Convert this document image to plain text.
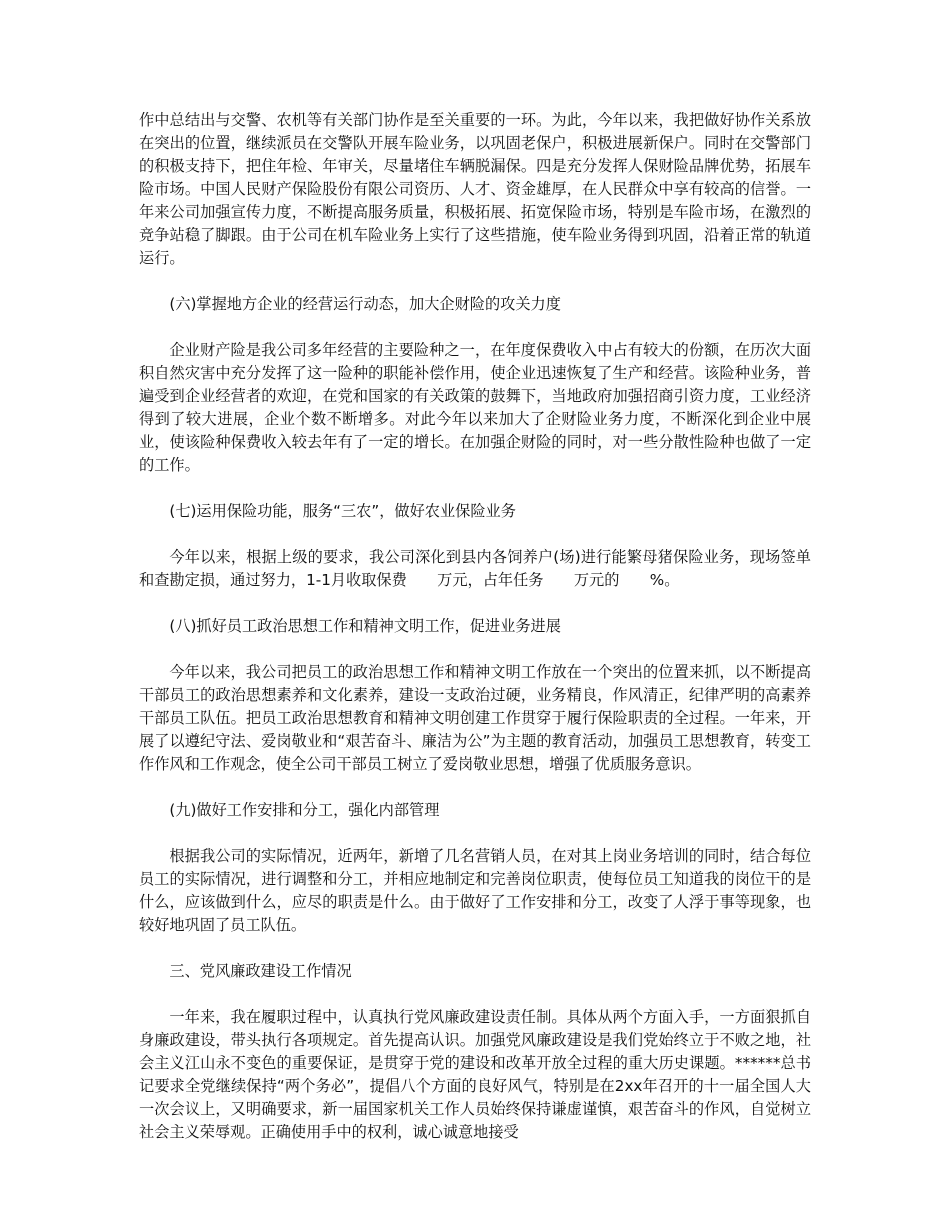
作中总结出与交警、农机等有关部门协作是至关重要的一环。为此，今年以来，我把做好协作关系放在突出的位置，继续派员在交警队开展车险业务，以巩固老保户，积极进展新保户。同时在交警部门的积极支持下，把住年检、年审关，尽量堵住车辆脱漏保。四是充分发挥人保财险品牌优势，拓展车险市场。中国人民财产保险股份有限公司资历、人才、资金雄厚，在人民群众中享有较高的信誉。一年来公司加强宣传力度，不断提高服务质量，积极拓展、拓宽保险市场，特别是车险市场，在激烈的竞争站稳了脚跟。由于公司在机车险业务上实行了这些措施，使车险业务得到巩固，沿着正常的轨道运行。

(六)掌握地方企业的经营运行动态，加大企财险的攻关力度

企业财产险是我公司多年经营的主要险种之一，在年度保费收入中占有较大的份额，在历次大面积自然灾害中充分发挥了这一险种的职能补偿作用，使企业迅速恢复了生产和经营。该险种业务，普遍受到企业经营者的欢迎，在党和国家的有关政策的鼓舞下，当地政府加强招商引资力度，工业经济得到了较大进展，企业个数不断增多。对此今年以来加大了企财险业务力度，不断深化到企业中展业，使该险种保费收入较去年有了一定的增长。在加强企财险的同时，对一些分散性险种也做了一定的工作。

(七)运用保险功能，服务“三农”，做好农业保险业务

今年以来，根据上级的要求，我公司深化到县内各饲养户(场)进行能繁母猪保险业务，现场签单和查勘定损，通过努力，1-1月收取保费　　万元，占年任务　　万元的　　%。

(八)抓好员工政治思想工作和精神文明工作，促进业务进展

今年以来，我公司把员工的政治思想工作和精神文明工作放在一个突出的位置来抓，以不断提高干部员工的政治思想素养和文化素养，建设一支政治过硬，业务精良，作风清正，纪律严明的高素养干部员工队伍。把员工政治思想教育和精神文明创建工作贯穿于履行保险职责的全过程。一年来，开展了以遵纪守法、爱岗敬业和“艰苦奋斗、廉洁为公”为主题的教育活动，加强员工思想教育，转变工作作风和工作观念，使全公司干部员工树立了爱岗敬业思想，增强了优质服务意识。

(九)做好工作安排和分工，强化内部管理

根据我公司的实际情况，近两年，新增了几名营销人员，在对其上岗业务培训的同时，结合每位员工的实际情况，进行调整和分工，并相应地制定和完善岗位职责，使每位员工知道我的岗位干的是什么，应该做到什么，应尽的职责是什么。由于做好了工作安排和分工，改变了人浮于事等现象，也较好地巩固了员工队伍。

三、党风廉政建设工作情况

一年来，我在履职过程中，认真执行党风廉政建设责任制。具体从两个方面入手，一方面狠抓自身廉政建设，带头执行各项规定。首先提高认识。加强党风廉政建设是我们党始终立于不败之地，社会主义江山永不变色的重要保证，是贯穿于党的建设和改革开放全过程的重大历史课题。******总书记要求全党继续保持“两个务必”，提倡八个方面的良好风气，特别是在2xx年召开的十一届全国人大一次会议上，又明确要求，新一届国家机关工作人员始终保持谦虚谨慎，艰苦奋斗的作风，自觉树立社会主义荣辱观。正确使用手中的权利，诚心诚意地接受
